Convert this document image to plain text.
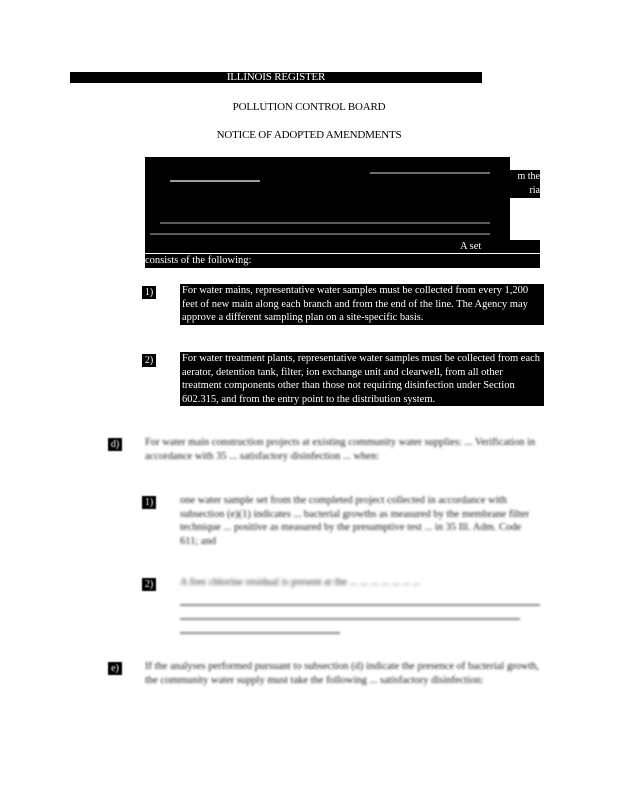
ILLINOIS REGISTER
POLLUTION CONTROL BOARD
NOTICE OF ADOPTED AMENDMENTS
m the
ria
A set
consists of the following:
1)	For water mains, representative water samples must be collected from every 1,200 feet of new main along each branch and from the end of the line. The Agency may approve a different sampling plan on a site-specific basis.
2)	For water treatment plants, representative water samples must be collected from each aerator, detention tank, filter, ion exchange unit and clearwell, from all other treatment components other than those not requiring disinfection under Section 602.315, and from the entry point to the distribution system.
d) For water main construction projects at existing community water supplies: ... Verification in accordance with 35 ... satisfactory disinfection ... when:
1)	one water sample set from the completed project collected in accordance with subsection (e)(1) indicates ... bacterial growths as measured by the membrane filter technique ... positive as measured by the presumptive test ... in 35 Ill. Adm. Code 611; and
2)	A free chlorine residual is present at the ... ... ... ... ... ... ...
e) If the analyses performed pursuant to subsection (d) indicate the presence of bacterial growth, the community water supply must take the following ... satisfactory disinfection:
